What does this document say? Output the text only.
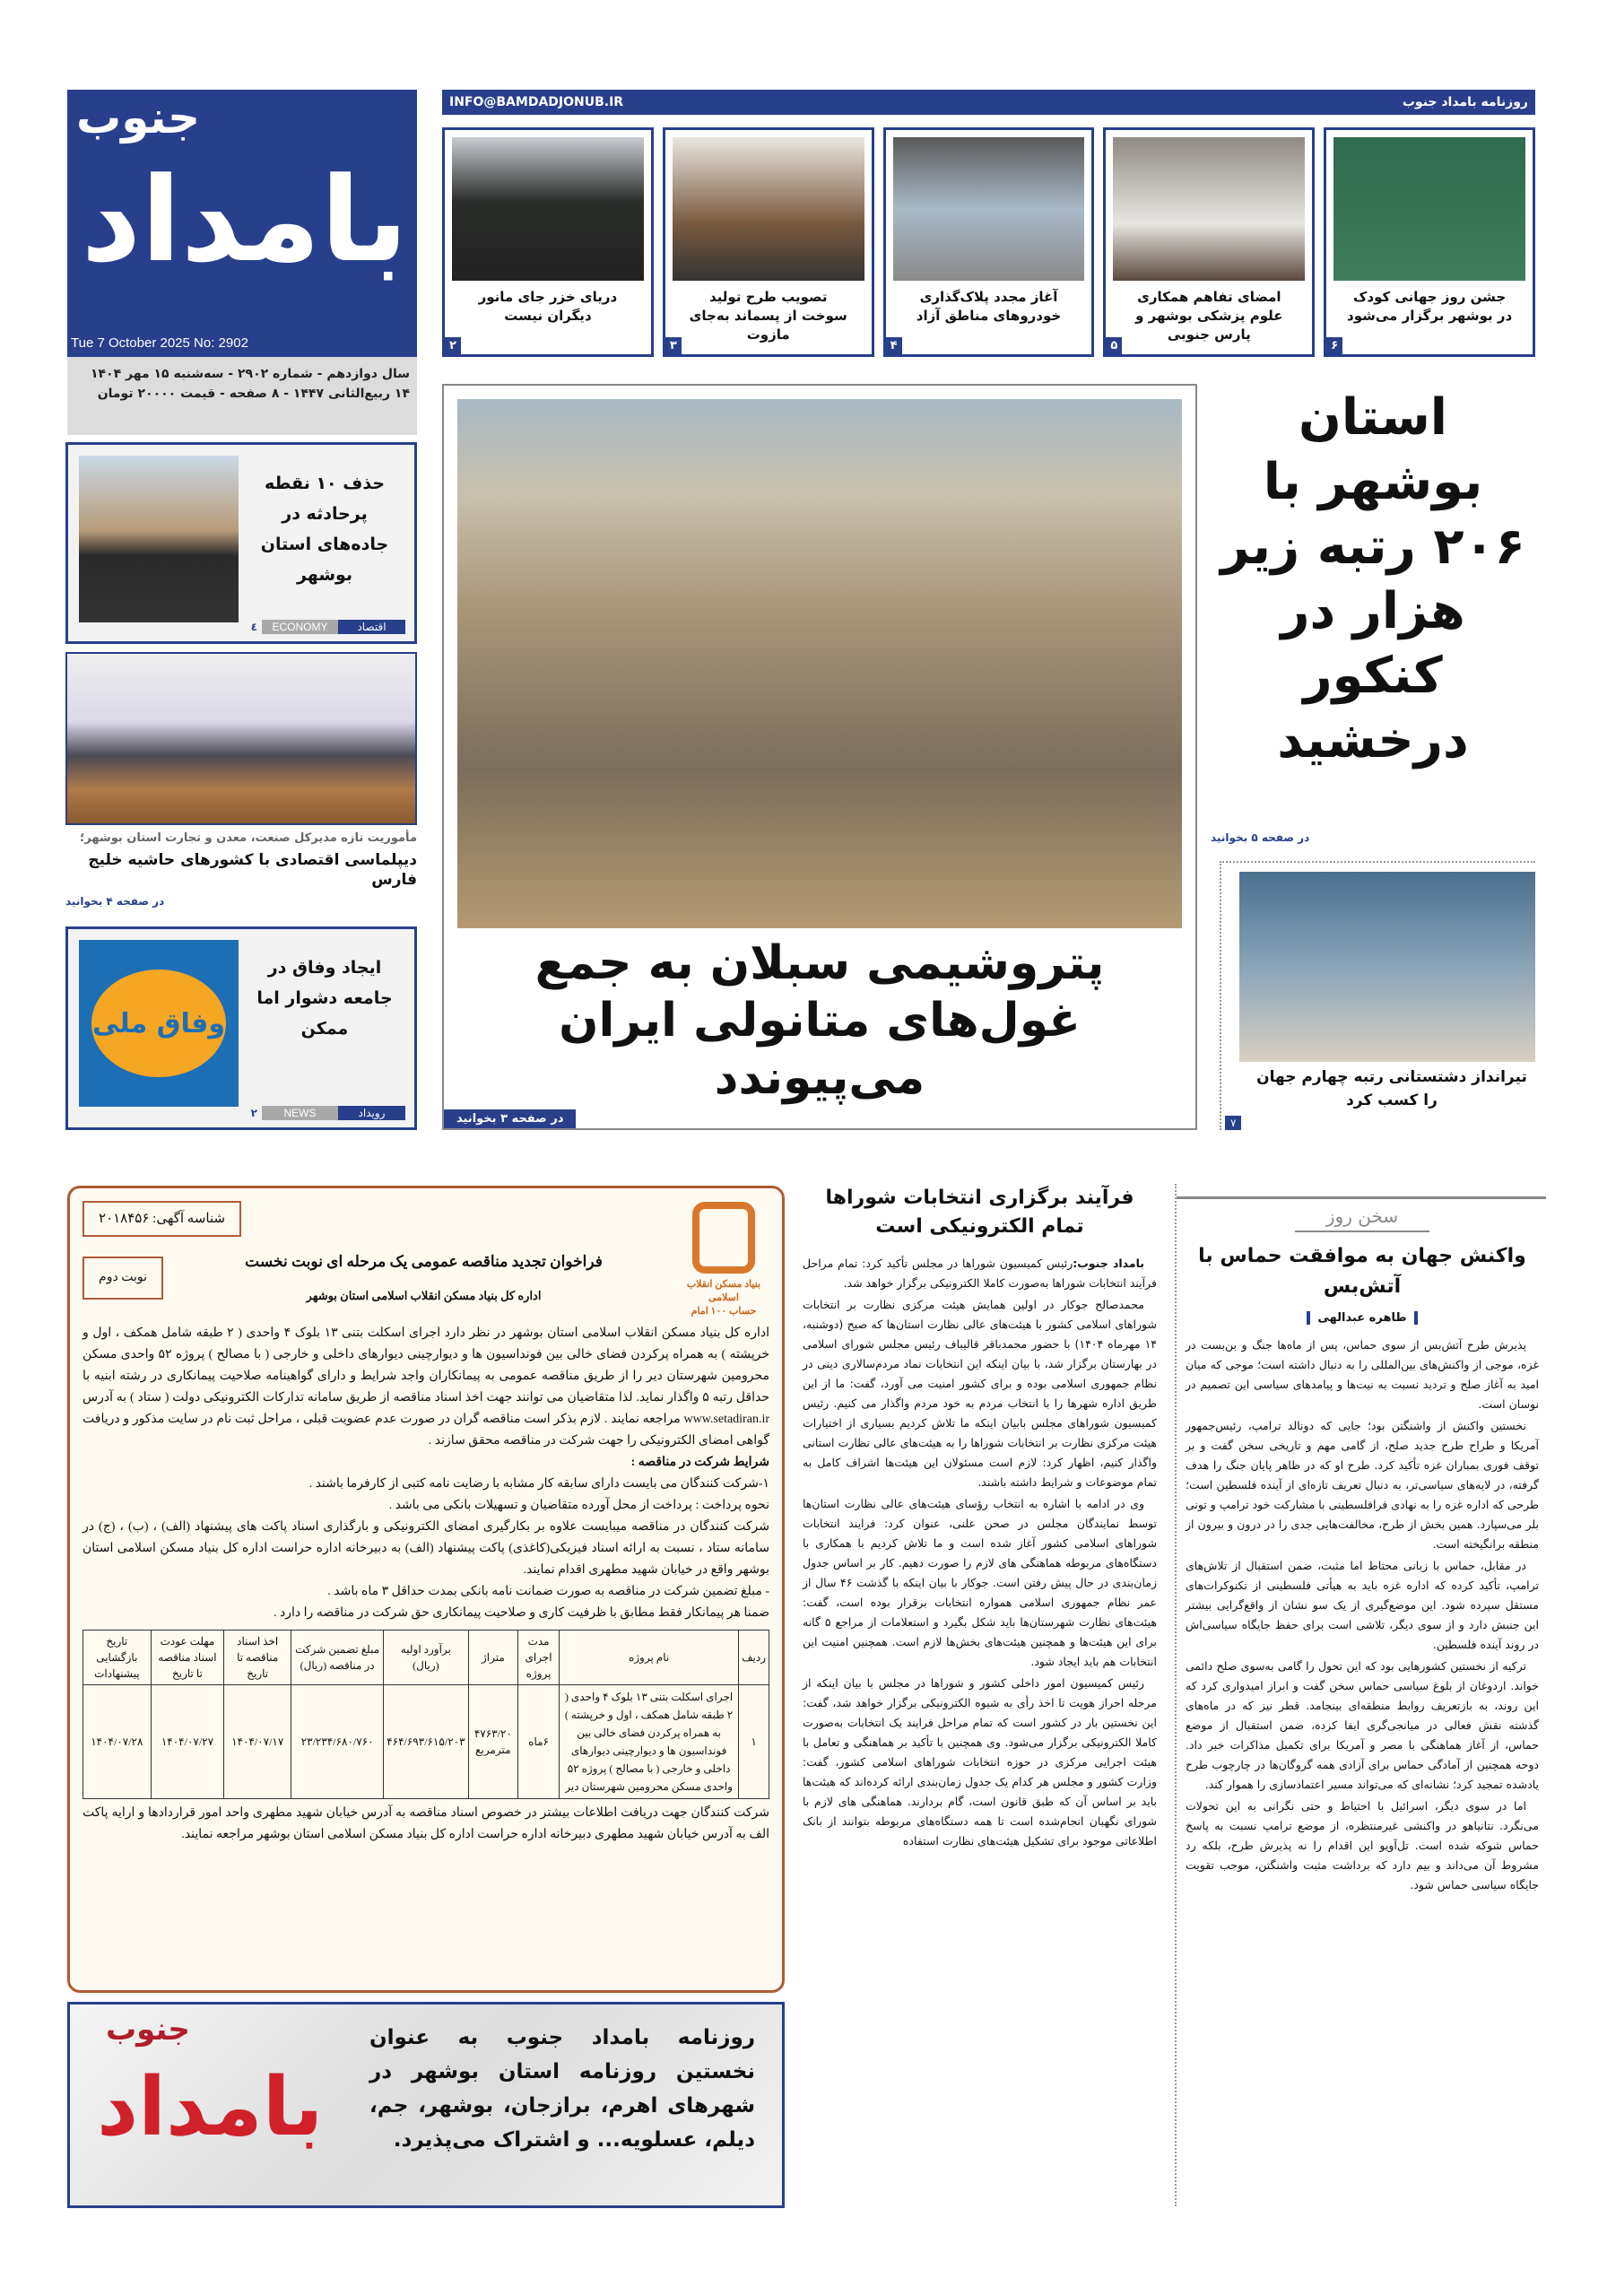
جنوب
بامداد
Tue 7 October 2025 No: 2902
سال دوازدهم - شماره ۲۹۰۲ - سه‌شنبه ۱۵ مهر ۱۴۰۴
۱۴ ربیع‌الثانی ۱۴۴۷ - ۸ صفحه - قیمت ۲۰۰۰۰ تومان
INFO@BAMDADJONUB.IR	روزنامه بامداد جنوب
جشن روز جهانی کودک در بوشهر برگزار می‌شود
۶
امضای تفاهم همکاری علوم پزشکی بوشهر و پارس جنوبی
۵
آغاز مجدد پلاک‌گذاری خودروهای مناطق آزاد
۴
تصویب طرح تولید سوخت از پسماند به‌جای مازوت
۳
دریای خزر جای مانور دیگران نیست
۲
حذف ۱۰ نقطه پرحادثه در جاده‌های استان بوشهر
اقتصاد
ECONOMY
٤
مأموریت تازه مدیرکل صنعت، معدن و تجارت استان بوشهر؛
دیپلماسی اقتصادی با کشورهای حاشیه خلیج فارس
در صفحه ۴ بخوانید
وفاق ملی
ایجاد وفاق در جامعه دشوار اما ممکن
رویداد
NEWS
۲
پتروشیمی سبلان به جمع غول‌های متانولی ایران می‌پیوندد
در صفحه ۳ بخوانید
استان بوشهر با ۲۰۶ رتبه زیر هزار در کنکور درخشید
در صفحه ۵ بخوانید
تیرانداز دشتستانی رتبه چهارم جهان را کسب کرد
۷
بنیاد مسکن انقلاب اسلامی
حساب ۱۰۰ امام
شناسه آگهی: ۲۰۱۸۴۵۶
نوبت دوم
فراخوان تجدید مناقصه عمومی یک مرحله ای نوبت نخست
اداره کل بنیاد مسکن انقلاب اسلامی استان بوشهر
اداره کل بنیاد مسکن انقلاب اسلامی استان بوشهر در نظر دارد اجرای اسکلت بتنی ۱۳ بلوک ۴ واحدی ( ۲ طبقه شامل همکف ، اول و خرپشته ) به همراه پرکردن فضای خالی بین فونداسیون ها و دیوارچینی دیوارهای داخلی و خارجی ( با مصالح ) پروژه ۵۲ واحدی مسکن محرومین شهرستان دیر را از طریق مناقصه عمومی به پیمانکاران واجد شرایط و دارای گواهینامه صلاحیت پیمانکاری در رشته ابنیه با حداقل رتبه ۵ واگذار نماید. لذا متقاضیان می توانند جهت اخذ اسناد مناقصه از طریق سامانه تدارکات الکترونیکی دولت ( ستاد ) به آدرس www.setadiran.ir مراجعه نمایند . لازم بذکر است مناقصه گران در صورت عدم عضویت قبلی ، مراحل ثبت نام در سایت مذکور و دریافت گواهی امضای الکترونیکی را جهت شرکت در مناقصه محقق سازند .
شرایط شرکت در مناقصه :
۱-شرکت کنندگان می بایست دارای سابقه کار مشابه با رضایت نامه کتبی از کارفرما باشند .
نحوه پرداخت : پرداخت از محل آورده متقاضیان و تسهیلات بانکی می باشد .
شرکت کنندگان در مناقصه میبایست علاوه بر بکارگیری امضای الکترونیکی و بارگذاری اسناد پاکت های پیشنهاد (الف) ، (ب) ، (ج) در سامانه ستاد ، نسبت به ارائه اسناد فیزیکی(کاغذی) پاکت پیشنهاد (الف) به دبیرخانه اداره حراست اداره کل بنیاد مسکن اسلامی استان بوشهر واقع در خیابان شهید مطهری اقدام نمایند.
- مبلغ تضمین شرکت در مناقصه به صورت ضمانت نامه بانکی بمدت حداقل ۳ ماه باشد .
ضمنا هر پیمانکار فقط مطابق با ظرفیت کاری و صلاحیت پیمانکاری حق شرکت در مناقصه را دارد .
ردیف	نام پروژه	مدت اجرای پروژه	متراژ	برآورد اولیه (ریال)	مبلغ تضمین شرکت در مناقصه (ریال)	اخذ اسناد مناقصه تا تاریخ	مهلت عودت اسناد مناقصه تا تاریخ	تاریخ بازگشایی پیشنهادات
۱	اجرای اسکلت بتنی ۱۳ بلوک ۴ واحدی ( ۲ طبقه شامل همکف ، اول و خرپشته ) به همراه پرکردن فضای خالی بین فونداسیون ها و دیوارچینی دیوارهای داخلی و خارجی ( با مصالح ) پروژه ۵۲ واحدی مسکن محرومین شهرستان دیر	۶ماه	۴۷۶۳/۲۰ مترمربع	۴۶۴/۶۹۳/۶۱۵/۲۰۳	۲۳/۲۳۴/۶۸۰/۷۶۰	۱۴۰۴/۰۷/۱۷	۱۴۰۴/۰۷/۲۷	۱۴۰۴/۰۷/۲۸
شرکت کنندگان جهت دریافت اطلاعات بیشتر در خصوص اسناد مناقصه به آدرس خیابان شهید مطهری واحد امور قراردادها و ارایه پاکت الف به آدرس خیابان شهید مطهری دبیرخانه اداره حراست اداره کل بنیاد مسکن اسلامی استان بوشهر مراجعه نمایند.
جنوب
بامداد
روزنامه بامداد جنوب به عنوان نخستین روزنامه استان بوشهر در شهرهای اهرم، برازجان، بوشهر، جم، دیلم، عسلویه... و اشتراک می‌پذیرد.
فرآیند برگزاری انتخابات شوراها تمام الکترونیکی است

بامداد جنوب:رئیس کمیسیون شوراها در مجلس تأکید کرد: تمام مراحل فرآیند انتخابات شوراها به‌صورت کاملا الکترونیکی برگزار خواهد شد.

محمدصالح جوکار در اولین همایش هیئت مرکزی نظارت بر انتخابات شوراهای اسلامی کشور با هیئت‌های عالی نظارت استان‌ها که صبح (دوشنبه، ۱۴ مهرماه ۱۴۰۴) با حضور محمدباقر قالیباف رئیس مجلس شورای اسلامی در بهارستان برگزار شد، با بیان اینکه این انتخابات نماد مردم‌سالاری دینی در نظام جمهوری اسلامی بوده و برای کشور امنیت می آورد، گفت: ما از این طریق اداره شهرها را با انتخاب مردم به خود مردم واگذار می کنیم. رئیس کمیسیون شوراهای مجلس بابیان اینکه ما تلاش کردیم بسیاری از اختیارات هیئت مرکزی نظارت بر انتخابات شوراها را به هیئت‌های عالی نظارت استانی واگذار کنیم، اظهار کرد: لازم است مسئولان این هیئت‌ها اشراف کامل به تمام موضوعات و شرایط داشته باشند.

وی در ادامه با اشاره به انتخاب رؤسای هیئت‌های عالی نظارت استان‌ها توسط نمایندگان مجلس در صحن علنی، عنوان کرد: فرایند انتخابات شوراهای اسلامی کشور آغاز شده است و ما تلاش کردیم با همکاری با دستگاه‌های مربوطه هماهنگی های لازم را صورت دهیم. کار بر اساس جدول زمان‌بندی در حال پیش رفتن است. جوکار با بیان اینکه با گذشت ۴۶ سال از عمر نظام جمهوری اسلامی همواره انتخابات برقرار بوده است، گفت: هیئت‌های نظارت شهرستان‌ها باید شکل بگیرد و استعلامات از مراجع ۵ گانه برای این هیئت‌ها و همچنین هیئت‌های بخش‌ها لازم است. همچنین امنیت این انتخابات هم باید ایجاد شود.

رئیس کمیسیون امور داخلی کشور و شوراها در مجلس با بیان اینکه از مرحله احراز هویت تا اخذ رأی به شیوه الکترونیکی برگزار خواهد شد، گفت: این نخستین بار در کشور است که تمام مراحل فرایند یک انتخابات به‌صورت کاملا الکترونیکی برگزار می‌شود. وی همچنین با تأکید بر هماهنگی و تعامل با هیئت اجرایی مرکزی در حوزه انتخابات شوراهای اسلامی کشور، گفت: وزارت کشور و مجلس هر کدام یک جدول زمان‌بندی ارائه کرده‌اند که هیئت‌ها باید بر اساس آن که طبق قانون است، گام بردارند. هماهنگی های لازم با شورای نگهبان انجام‌شده است تا همه دستگاه‌های مربوطه بتوانند از بانک اطلاعاتی موجود برای تشکیل هیئت‌های نظارت استفاده

سخن روز
واکنش جهان به موافقت حماس با آتش‌بس
طاهره عبدالهی

پذیرش طرح آتش‌بس از سوی حماس، پس از ماه‌ها جنگ و بن‌بست در غزه، موجی از واکنش‌های بین‌المللی را به دنبال داشته است؛ موجی که میان امید به آغاز صلح و تردید نسبت به نیت‌ها و پیامدهای سیاسی این تصمیم در نوسان است.

نخستین واکنش از واشنگتن بود؛ جایی که دونالد ترامپ، رئیس‌جمهور آمریکا و طراح طرح جدید صلح، از گامی مهم و تاریخی سخن گفت و بر توقف فوری بمباران غزه تأکید کرد. طرح او که در ظاهر پایان جنگ را هدف گرفته، در لایه‌های سیاسی‌تر، به دنبال تعریف تازه‌ای از آینده فلسطین است؛ طرحی که اداره غزه را به نهادی فرافلسطینی با مشارکت خود ترامپ و تونی بلر می‌سپارد. همین بخش از طرح، مخالفت‌هایی جدی را در درون و بیرون از منطقه برانگیخته است.

در مقابل، حماس با زبانی محتاط اما مثبت، ضمن استقبال از تلاش‌های ترامپ، تأکید کرده که اداره غزه باید به هیأتی فلسطینی از تکنوکرات‌های مستقل سپرده شود. این موضع‌گیری از یک سو نشان از واقع‌گرایی بیشتر این جنبش دارد و از سوی دیگر، تلاشی است برای حفظ جایگاه سیاسی‌اش در روند آینده فلسطین.

ترکیه از نخستین کشورهایی بود که این تحول را گامی به‌سوی صلح دائمی خواند. اردوغان از بلوغ سیاسی حماس سخن گفت و ابراز امیدواری کرد که این روند، به بازتعریف روابط منطقه‌ای بینجامد. قطر نیز که در ماه‌های گذشته نقش فعالی در میانجی‌گری ایفا کرده، ضمن استقبال از موضع حماس، از آغاز هماهنگی با مصر و آمریکا برای تکمیل مذاکرات خبر داد. دوحه همچنین از آمادگی حماس برای آزادی همه گروگان‌ها در چارچوب طرح یادشده تمجید کرد؛ نشانه‌ای که می‌تواند مسیر اعتمادسازی را هموار کند.

اما در سوی دیگر، اسرائیل با احتیاط و حتی نگرانی به این تحولات می‌نگرد. نتانیاهو در واکنشی غیرمنتظره، از موضع ترامپ نسبت به پاسخ حماس شوکه شده است. تل‌آویو این اقدام را نه پذیرش طرح، بلکه رد مشروط آن می‌داند و بیم دارد که برداشت مثبت واشنگتن، موجب تقویت جایگاه سیاسی حماس شود.
